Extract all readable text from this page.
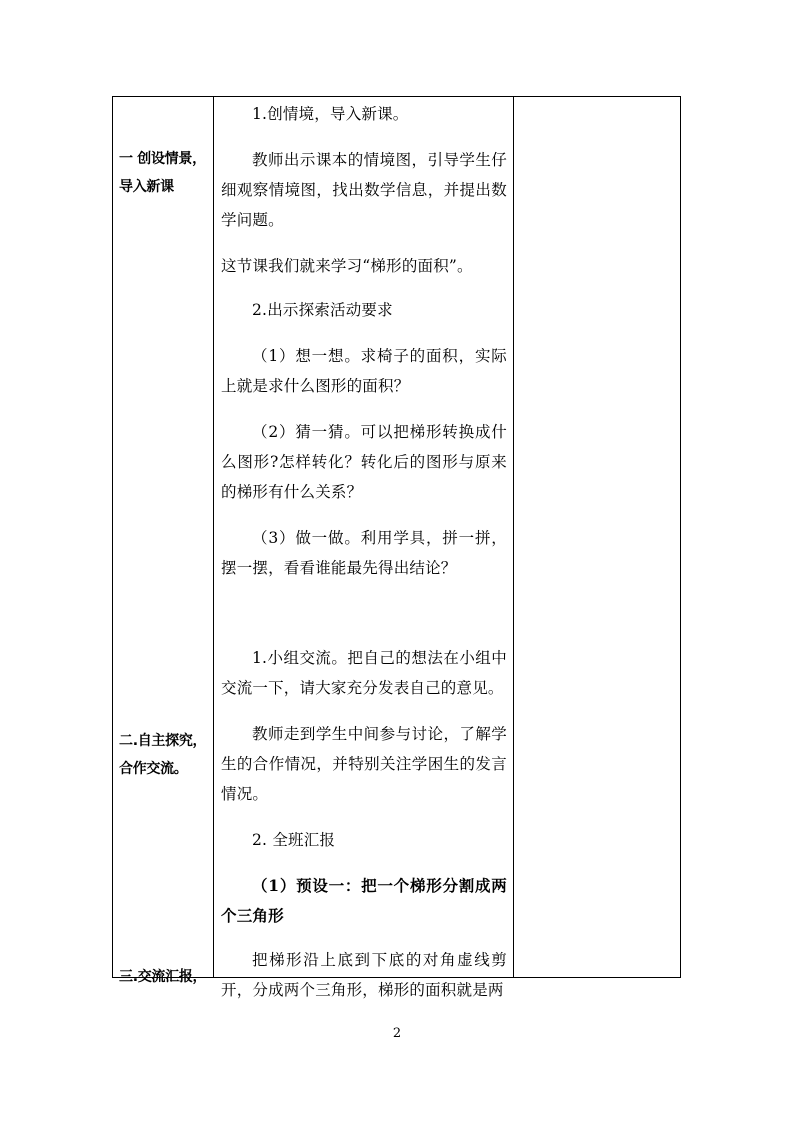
一 创设情景，导入新课
二.自主探究，合作交流。
三.交流汇报，
1.创情境，导入新课。
教师出示课本的情境图，引导学生仔细观察情境图，找出数学信息，并提出数学问题。
这节课我们就来学习“梯形的面积”。
2.出示探索活动要求
（1）想一想。求椅子的面积，实际上就是求什么图形的面积？
（2）猜一猜。可以把梯形转换成什么图形?怎样转化？转化后的图形与原来的梯形有什么关系？
（3）做一做。利用学具，拼一拼，摆一摆，看看谁能最先得出结论？
1.小组交流。把自己的想法在小组中交流一下，请大家充分发表自己的意见。
教师走到学生中间参与讨论，了解学生的合作情况，并特别关注学困生的发言情况。
2. 全班汇报
（1）预设一：把一个梯形分割成两个三角形
把梯形沿上底到下底的对角虚线剪开，分成两个三角形，梯形的面积就是两
2
